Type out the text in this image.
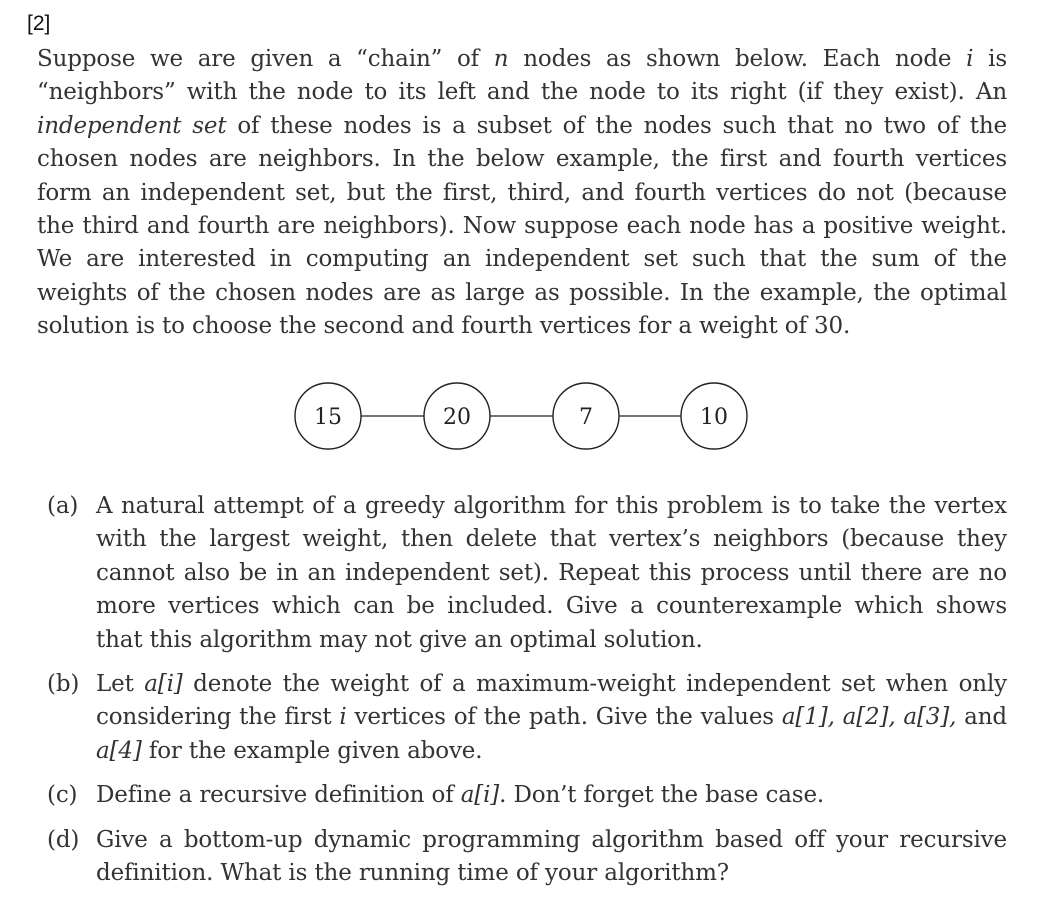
[2]
Suppose we are given a “chain” of n nodes as shown below. Each node i is “neighbors” with the node to its left and the node to its right (if they exist). An independent set of these nodes is a subset of the nodes such that no two of the chosen nodes are neighbors. In the below example, the first and fourth vertices form an independent set, but the first, third, and fourth vertices do not (because the third and fourth are neighbors). Now suppose each node has a positive weight. We are interested in computing an independent set such that the sum of the weights of the chosen nodes are as large as possible. In the example, the optimal solution is to choose the second and fourth vertices for a weight of 30.
15	20	7	10
(a) A natural attempt of a greedy algorithm for this problem is to take the vertex with the largest weight, then delete that vertex’s neighbors (because they cannot also be in an independent set). Repeat this process until there are no more vertices which can be included. Give a counterexample which shows that this algorithm may not give an optimal solution.
(b) Let a[i] denote the weight of a maximum-weight independent set when only considering the first i vertices of the path. Give the values a[1], a[2], a[3], and a[4] for the example given above.
(c) Define a recursive definition of a[i]. Don’t forget the base case.
(d) Give a bottom-up dynamic programming algorithm based off your recursive definition. What is the running time of your algorithm?
